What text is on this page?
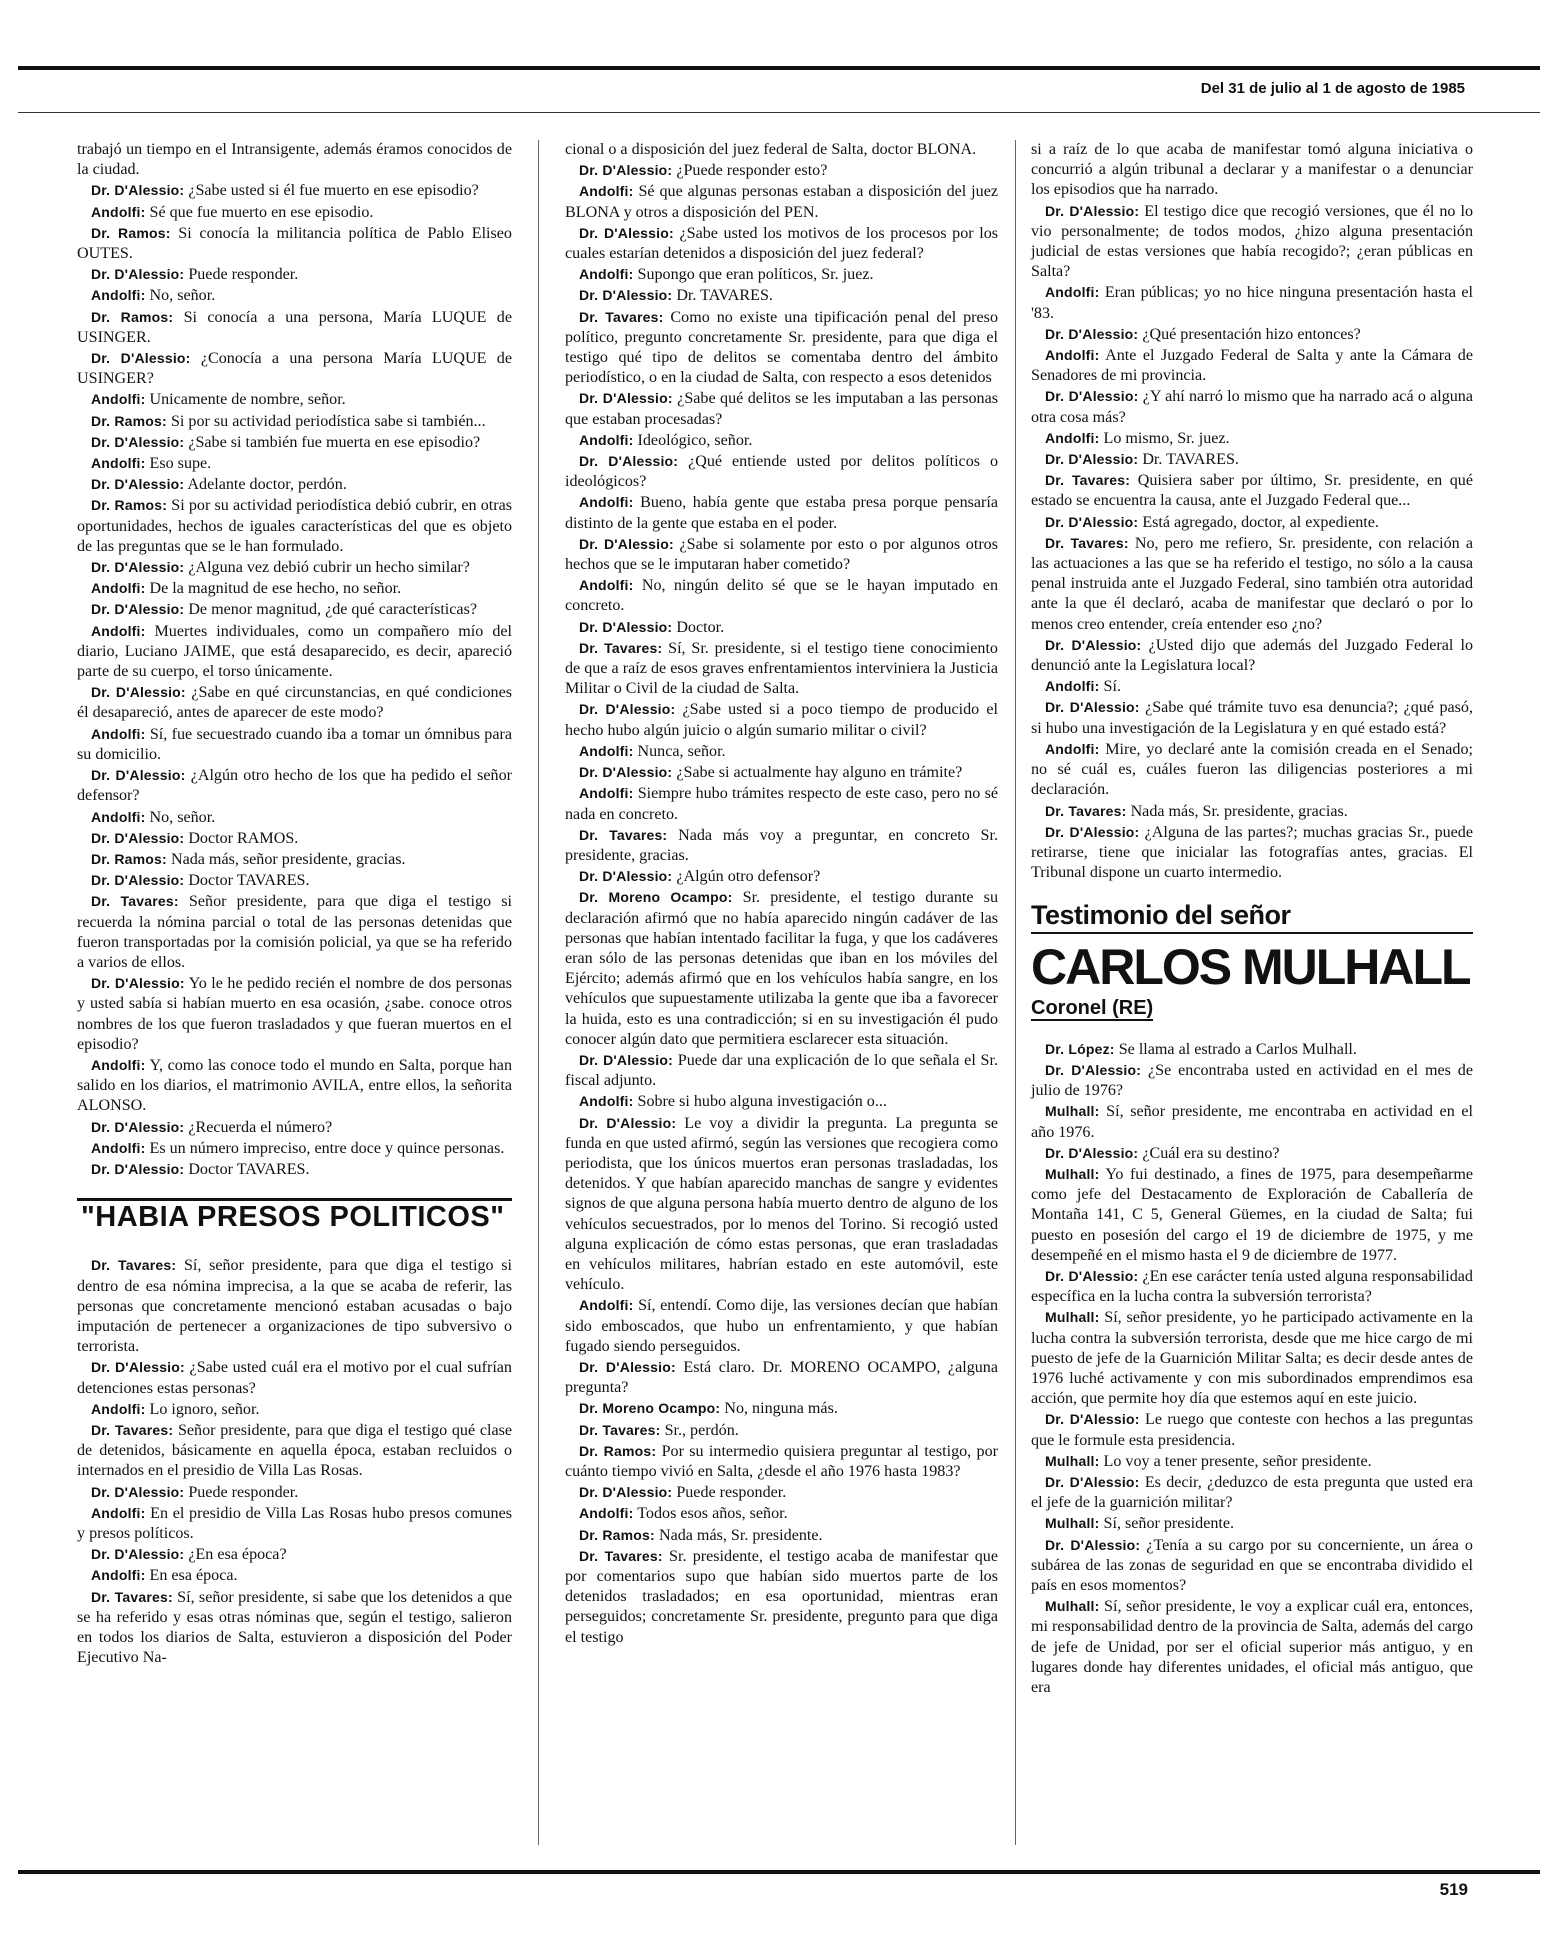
Del 31 de julio al 1 de agosto de 1985

trabajó un tiempo en el Intransigente, además éramos conocidos de la ciudad.

Dr. D'Alessio: ¿Sabe usted si él fue muerto en ese episodio?

Andolfi: Sé que fue muerto en ese episodio.

Dr. Ramos: Si conocía la militancia política de Pablo Eliseo OUTES.

Dr. D'Alessio: Puede responder.

Andolfi: No, señor.

Dr. Ramos: Si conocía a una persona, María LUQUE de USINGER.

Dr. D'Alessio: ¿Conocía a una persona María LUQUE de USINGER?

Andolfi: Unicamente de nombre, señor.

Dr. Ramos: Si por su actividad periodística sabe si también...

Dr. D'Alessio: ¿Sabe si también fue muerta en ese episodio?

Andolfi: Eso supe.

Dr. D'Alessio: Adelante doctor, perdón.

Dr. Ramos: Si por su actividad periodística debió cubrir, en otras oportunidades, hechos de iguales características del que es objeto de las preguntas que se le han formulado.

Dr. D'Alessio: ¿Alguna vez debió cubrir un hecho similar?

Andolfi: De la magnitud de ese hecho, no señor.

Dr. D'Alessio: De menor magnitud, ¿de qué características?

Andolfi: Muertes individuales, como un compañero mío del diario, Luciano JAIME, que está desaparecido, es decir, apareció parte de su cuerpo, el torso únicamente.

Dr. D'Alessio: ¿Sabe en qué circunstancias, en qué condiciones él desapareció, antes de aparecer de este modo?

Andolfi: Sí, fue secuestrado cuando iba a tomar un ómnibus para su domicilio.

Dr. D'Alessio: ¿Algún otro hecho de los que ha pedido el señor defensor?

Andolfi: No, señor.

Dr. D'Alessio: Doctor RAMOS.

Dr. Ramos: Nada más, señor presidente, gracias.

Dr. D'Alessio: Doctor TAVARES.

Dr. Tavares: Señor presidente, para que diga el testigo si recuerda la nómina parcial o total de las personas detenidas que fueron transportadas por la comisión policial, ya que se ha referido a varios de ellos.

Dr. D'Alessio: Yo le he pedido recién el nombre de dos personas y usted sabía si habían muerto en esa ocasión, ¿sabe. conoce otros nombres de los que fueron trasladados y que fueran muertos en el episodio?

Andolfi: Y, como las conoce todo el mundo en Salta, porque han salido en los diarios, el matrimonio AVILA, entre ellos, la señorita ALONSO.

Dr. D'Alessio: ¿Recuerda el número?

Andolfi: Es un número impreciso, entre doce y quince personas.

Dr. D'Alessio: Doctor TAVARES.

"HABIA PRESOS POLITICOS"

Dr. Tavares: Sí, señor presidente, para que diga el testigo si dentro de esa nómina imprecisa, a la que se acaba de referir, las personas que concretamente mencionó estaban acusadas o bajo imputación de pertenecer a organizaciones de tipo subversivo o terrorista.

Dr. D'Alessio: ¿Sabe usted cuál era el motivo por el cual sufrían detenciones estas personas?

Andolfi: Lo ignoro, señor.

Dr. Tavares: Señor presidente, para que diga el testigo qué clase de detenidos, básicamente en aquella época, estaban recluidos o internados en el presidio de Villa Las Rosas.

Dr. D'Alessio: Puede responder.

Andolfi: En el presidio de Villa Las Rosas hubo presos comunes y presos políticos.

Dr. D'Alessio: ¿En esa época?

Andolfi: En esa época.

Dr. Tavares: Sí, señor presidente, si sabe que los detenidos a que se ha referido y esas otras nóminas que, según el testigo, salieron en todos los diarios de Salta, estuvieron a disposición del Poder Ejecutivo Na-

cional o a disposición del juez federal de Salta, doctor BLONA.

Dr. D'Alessio: ¿Puede responder esto?

Andolfi: Sé que algunas personas estaban a disposición del juez BLONA y otros a disposición del PEN.

Dr. D'Alessio: ¿Sabe usted los motivos de los procesos por los cuales estarían detenidos a disposición del juez federal?

Andolfi: Supongo que eran políticos, Sr. juez.

Dr. D'Alessio: Dr. TAVARES.

Dr. Tavares: Como no existe una tipificación penal del preso político, pregunto concretamente Sr. presidente, para que diga el testigo qué tipo de delitos se comentaba dentro del ámbito periodístico, o en la ciudad de Salta, con respecto a esos detenidos

Dr. D'Alessio: ¿Sabe qué delitos se les imputaban a las personas que estaban procesadas?

Andolfi: Ideológico, señor.

Dr. D'Alessio: ¿Qué entiende usted por delitos políticos o ideológicos?

Andolfi: Bueno, había gente que estaba presa porque pensaría distinto de la gente que estaba en el poder.

Dr. D'Alessio: ¿Sabe si solamente por esto o por algunos otros hechos que se le imputaran haber cometido?

Andolfi: No, ningún delito sé que se le hayan imputado en concreto.

Dr. D'Alessio: Doctor.

Dr. Tavares: Sí, Sr. presidente, si el testigo tiene conocimiento de que a raíz de esos graves enfrentamientos interviniera la Justicia Militar o Civil de la ciudad de Salta.

Dr. D'Alessio: ¿Sabe usted si a poco tiempo de producido el hecho hubo algún juicio o algún sumario militar o civil?

Andolfi: Nunca, señor.

Dr. D'Alessio: ¿Sabe si actualmente hay alguno en trámite?

Andolfi: Siempre hubo trámites respecto de este caso, pero no sé nada en concreto.

Dr. Tavares: Nada más voy a preguntar, en concreto Sr. presidente, gracias.

Dr. D'Alessio: ¿Algún otro defensor?

Dr. Moreno Ocampo: Sr. presidente, el testigo durante su declaración afirmó que no había aparecido ningún cadáver de las personas que habían intentado facilitar la fuga, y que los cadáveres eran sólo de las personas detenidas que iban en los móviles del Ejército; además afirmó que en los vehículos había sangre, en los vehículos que supuestamente utilizaba la gente que iba a favorecer la huida, esto es una contradicción; si en su investigación él pudo conocer algún dato que permitiera esclarecer esta situación.

Dr. D'Alessio: Puede dar una explicación de lo que señala el Sr. fiscal adjunto.

Andolfi: Sobre si hubo alguna investigación o...

Dr. D'Alessio: Le voy a dividir la pregunta. La pregunta se funda en que usted afirmó, según las versiones que recogiera como periodista, que los únicos muertos eran personas trasladadas, los detenidos. Y que habían aparecido manchas de sangre y evidentes signos de que alguna persona había muerto dentro de alguno de los vehículos secuestrados, por lo menos del Torino. Si recogió usted alguna explicación de cómo estas personas, que eran trasladadas en vehículos militares, habrían estado en este automóvil, este vehículo.

Andolfi: Sí, entendí. Como dije, las versiones decían que habían sido emboscados, que hubo un enfrentamiento, y que habían fugado siendo perseguidos.

Dr. D'Alessio: Está claro. Dr. MORENO OCAMPO, ¿alguna pregunta?

Dr. Moreno Ocampo: No, ninguna más.

Dr. Tavares: Sr., perdón.

Dr. Ramos: Por su intermedio quisiera preguntar al testigo, por cuánto tiempo vivió en Salta, ¿desde el año 1976 hasta 1983?

Dr. D'Alessio: Puede responder.

Andolfi: Todos esos años, señor.

Dr. Ramos: Nada más, Sr. presidente.

Dr. Tavares: Sr. presidente, el testigo acaba de manifestar que por comentarios supo que habían sido muertos parte de los detenidos trasladados; en esa oportunidad, mientras eran perseguidos; concretamente Sr. presidente, pregunto para que diga el testigo

si a raíz de lo que acaba de manifestar tomó alguna iniciativa o concurrió a algún tribunal a declarar y a manifestar o a denunciar los episodios que ha narrado.

Dr. D'Alessio: El testigo dice que recogió versiones, que él no lo vio personalmente; de todos modos, ¿hizo alguna presentación judicial de estas versiones que había recogido?; ¿eran públicas en Salta?

Andolfi: Eran públicas; yo no hice ninguna presentación hasta el '83.

Dr. D'Alessio: ¿Qué presentación hizo entonces?

Andolfi: Ante el Juzgado Federal de Salta y ante la Cámara de Senadores de mi provincia.

Dr. D'Alessio: ¿Y ahí narró lo mismo que ha narrado acá o alguna otra cosa más?

Andolfi: Lo mismo, Sr. juez.

Dr. D'Alessio: Dr. TAVARES.

Dr. Tavares: Quisiera saber por último, Sr. presidente, en qué estado se encuentra la causa, ante el Juzgado Federal que...

Dr. D'Alessio: Está agregado, doctor, al expediente.

Dr. Tavares: No, pero me refiero, Sr. presidente, con relación a las actuaciones a las que se ha referido el testigo, no sólo a la causa penal instruida ante el Juzgado Federal, sino también otra autoridad ante la que él declaró, acaba de manifestar que declaró o por lo menos creo entender, creía entender eso ¿no?

Dr. D'Alessio: ¿Usted dijo que además del Juzgado Federal lo denunció ante la Legislatura local?

Andolfi: Sí.

Dr. D'Alessio: ¿Sabe qué trámite tuvo esa denuncia?; ¿qué pasó, si hubo una investigación de la Legislatura y en qué estado está?

Andolfi: Mire, yo declaré ante la comisión creada en el Senado; no sé cuál es, cuáles fueron las diligencias posteriores a mi declaración.

Dr. Tavares: Nada más, Sr. presidente, gracias.

Dr. D'Alessio: ¿Alguna de las partes?; muchas gracias Sr., puede retirarse, tiene que inicialar las fotografías antes, gracias. El Tribunal dispone un cuarto intermedio.

Testimonio del señor
CARLOS MULHALL
Coronel (RE)

Dr. López: Se llama al estrado a Carlos Mulhall.

Dr. D'Alessio: ¿Se encontraba usted en actividad en el mes de julio de 1976?

Mulhall: Sí, señor presidente, me encontraba en actividad en el año 1976.

Dr. D'Alessio: ¿Cuál era su destino?

Mulhall: Yo fui destinado, a fines de 1975, para desempeñarme como jefe del Destacamento de Exploración de Caballería de Montaña 141, C 5, General Güemes, en la ciudad de Salta; fui puesto en posesión del cargo el 19 de diciembre de 1975, y me desempeñé en el mismo hasta el 9 de diciembre de 1977.

Dr. D'Alessio: ¿En ese carácter tenía usted alguna responsabilidad específica en la lucha contra la subversión terrorista?

Mulhall: Sí, señor presidente, yo he participado activamente en la lucha contra la subversión terrorista, desde que me hice cargo de mi puesto de jefe de la Guarnición Militar Salta; es decir desde antes de 1976 luché activamente y con mis subordinados emprendimos esa acción, que permite hoy día que estemos aquí en este juicio.

Dr. D'Alessio: Le ruego que conteste con hechos a las preguntas que le formule esta presidencia.

Mulhall: Lo voy a tener presente, señor presidente.

Dr. D'Alessio: Es decir, ¿deduzco de esta pregunta que usted era el jefe de la guarnición militar?

Mulhall: Sí, señor presidente.

Dr. D'Alessio: ¿Tenía a su cargo por su concerniente, un área o subárea de las zonas de seguridad en que se encontraba dividido el país en esos momentos?

Mulhall: Sí, señor presidente, le voy a explicar cuál era, entonces, mi responsabilidad dentro de la provincia de Salta, además del cargo de jefe de Unidad, por ser el oficial superior más antiguo, y en lugares donde hay diferentes unidades, el oficial más antiguo, que era

519
